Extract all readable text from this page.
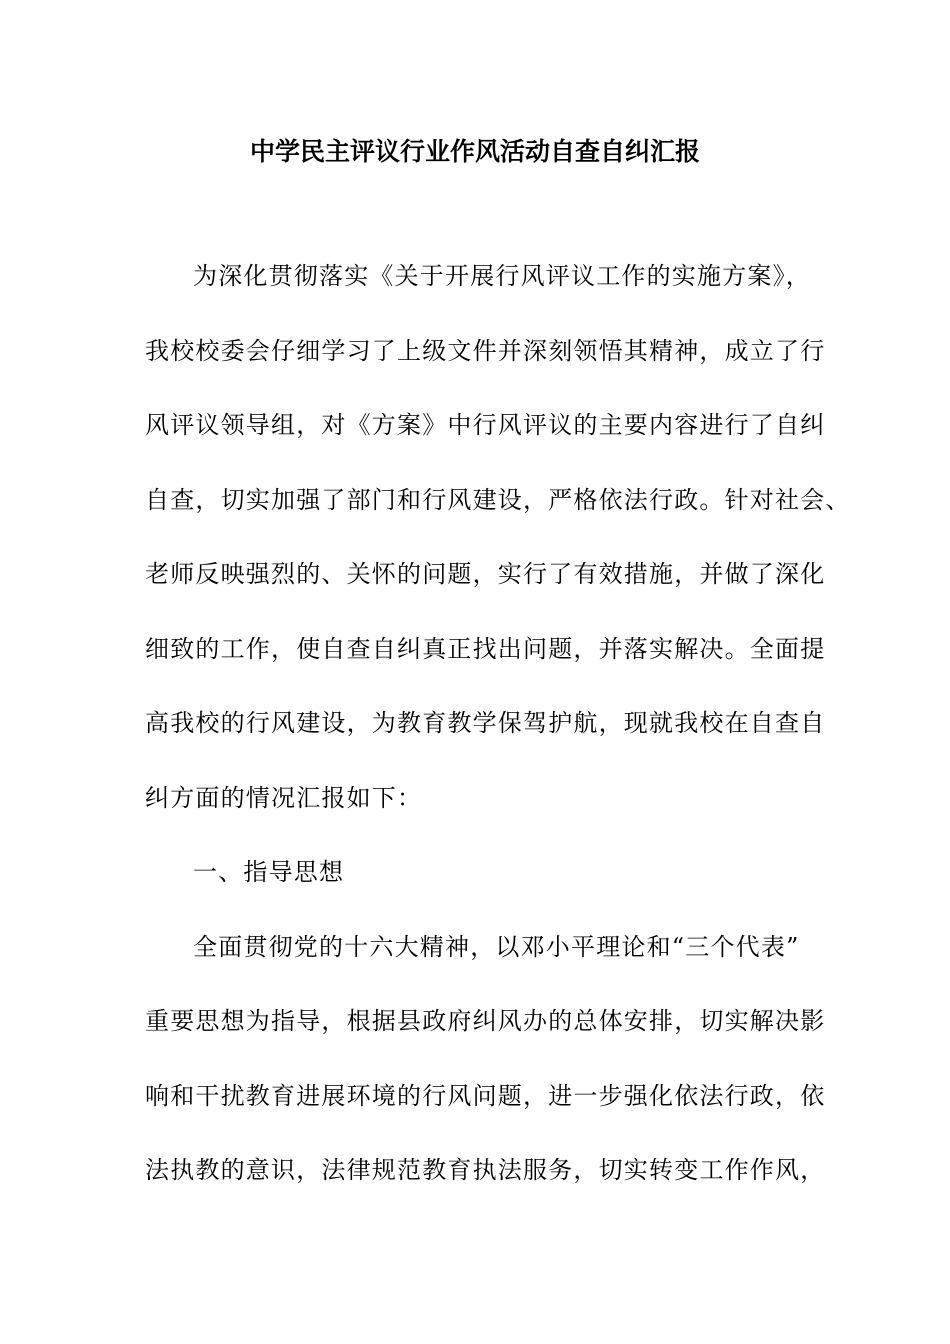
中学民主评议行业作风活动自查自纠汇报
为深化贯彻落实《关于开展行风评议工作的实施方案》，
我校校委会仔细学习了上级文件并深刻领悟其精神，成立了行
风评议领导组，对《方案》中行风评议的主要内容进行了自纠
自查，切实加强了部门和行风建设，严格依法行政。针对社会、
老师反映强烈的、关怀的问题，实行了有效措施，并做了深化
细致的工作，使自查自纠真正找出问题，并落实解决。全面提
高我校的行风建设，为教育教学保驾护航，现就我校在自查自
纠方面的情况汇报如下：
一、指导思想
全面贯彻党的十六大精神，以邓小平理论和“三个代表”
重要思想为指导，根据县政府纠风办的总体安排，切实解决影
响和干扰教育进展环境的行风问题，进一步强化依法行政，依
法执教的意识，法律规范教育执法服务，切实转变工作作风，
